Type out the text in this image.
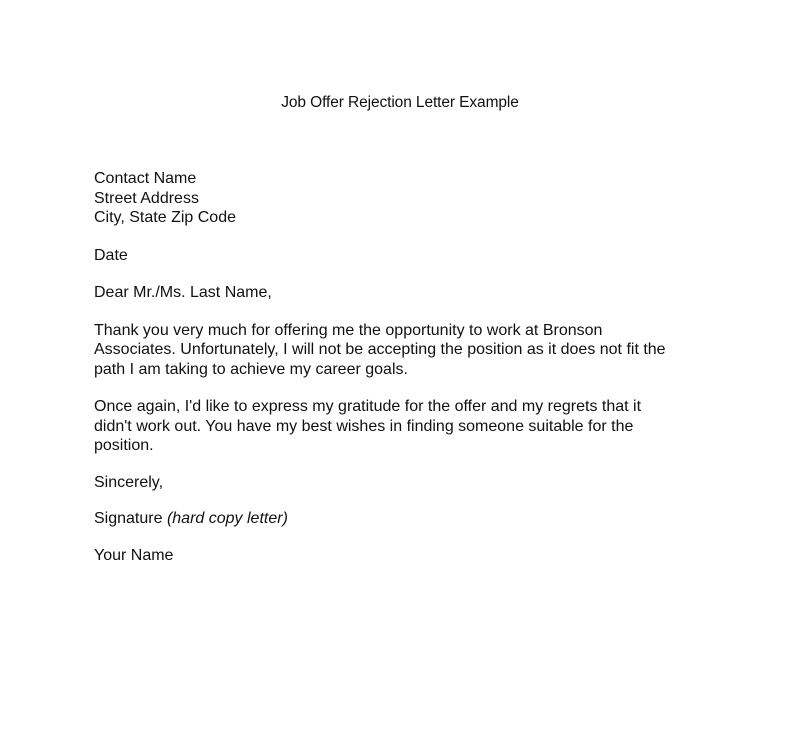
Job Offer Rejection Letter Example
Contact Name
Street Address
City, State Zip Code
Date
Dear Mr./Ms. Last Name,
Thank you very much for offering me the opportunity to work at Bronson
Associates. Unfortunately, I will not be accepting the position as it does not fit the
path I am taking to achieve my career goals.
Once again, I'd like to express my gratitude for the offer and my regrets that it
didn't work out. You have my best wishes in finding someone suitable for the
position.
Sincerely,
Signature (hard copy letter)
Your Name
